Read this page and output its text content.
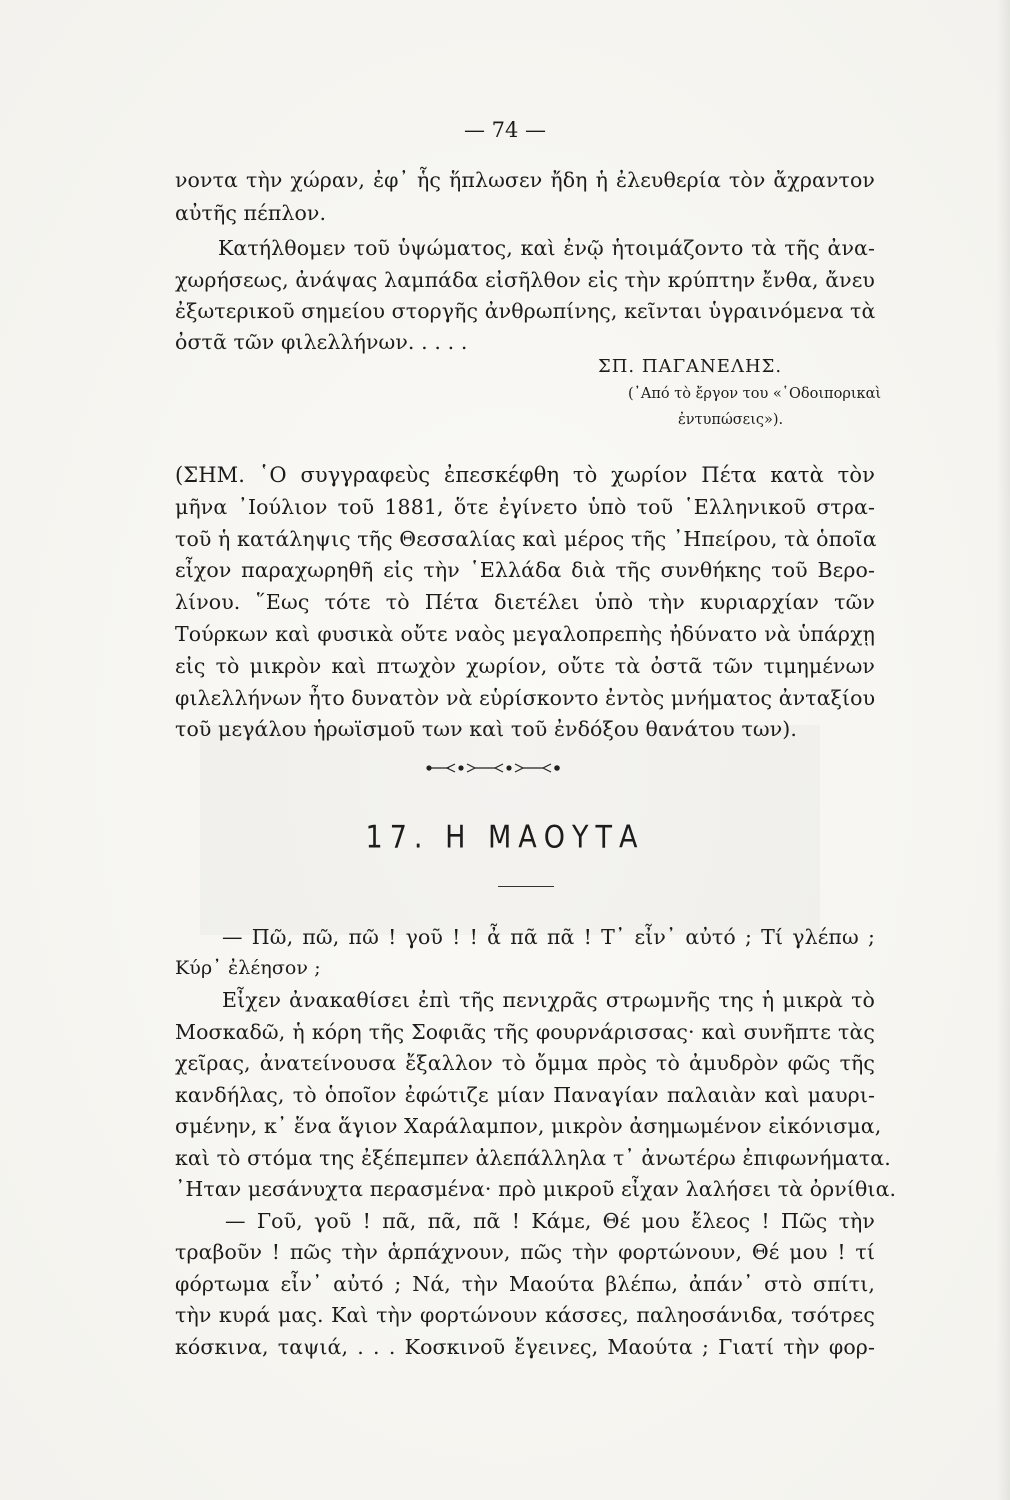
— 74 —
νοντα τὴν χώραν, ἐφ᾽ ἧς ἥπλωσεν ἤδη ἡ ἐλευθερία τὸν ἄχραντον
αὐτῆς πέπλον.
Κατήλθομεν τοῦ ὑψώματος, καὶ ἐνῷ ἡτοιμάζοντο τὰ τῆς ἀνα-
χωρήσεως, ἀνάψας λαμπάδα εἰσῆλθον εἰς τὴν κρύπτην ἔνθα, ἄνευ
ἐξωτερικοῦ σημείου στοργῆς ἀνθρωπίνης, κεῖνται ὑγραινόμενα τὰ
ὀστᾶ τῶν φιλελλήνων. . . . .
ΣΠ. ΠΑΓΑΝΕΛΗΣ.
(᾽Από τὸ ἔργον του «῾Οδοιπορικαὶ
ἐντυπώσεις»).
(ΣΗΜ. ῾Ο συγγραφεὺς ἐπεσκέφθη τὸ χωρίον Πέτα κατὰ τὸν
μῆνα ᾽Ιούλιον τοῦ 1881, ὅτε ἐγίνετο ὑπὸ τοῦ ῾Ελληνικοῦ στρα-
τοῦ ἡ κατάληψις τῆς Θεσσαλίας καὶ μέρος τῆς ᾽Ηπείρου, τὰ ὁποῖα
εἶχον παραχωρηθῆ εἰς τὴν ῾Ελλάδα διὰ τῆς συνθήκης τοῦ Βερο-
λίνου. ῞Εως τότε τὸ Πέτα διετέλει ὑπὸ τὴν κυριαρχίαν τῶν
Τούρκων καὶ φυσικὰ οὔτε ναὸς μεγαλοπρεπὴς ἠδύνατο νὰ ὑπάρχῃ
εἰς τὸ μικρὸν καὶ πτωχὸν χωρίον, οὔτε τὰ ὀστᾶ τῶν τιμημένων
φιλελλήνων ἦτο δυνατὸν νὰ εὑρίσκοντο ἐντὸς μνήματος ἀνταξίου
τοῦ μεγάλου ἡρωϊσμοῦ των καὶ τοῦ ἐνδόξου θανάτου των).
17. Η ΜΑΟΥΤΑ
— Πῶ, πῶ, πῶ ! γοῦ ! ! ἆ πᾶ πᾶ ! Τ᾽ εἶν᾽ αὐτό ; Τί γλέπω ;
Κύρ᾽ ἐλέησον ;
Εἶχεν ἀνακαθίσει ἐπὶ τῆς πενιχρᾶς στρωμνῆς της ἡ μικρὰ τὸ
Μοσκαδῶ, ἡ κόρη τῆς Σοφιᾶς τῆς φουρνάρισσας· καὶ συνῆπτε τὰς
χεῖρας, ἀνατείνουσα ἔξαλλον τὸ ὄμμα πρὸς τὸ ἀμυδρὸν φῶς τῆς
κανδήλας, τὸ ὁποῖον ἐφώτιζε μίαν Παναγίαν παλαιὰν καὶ μαυρι-
σμένην, κ᾽ ἕνα ἅγιον Χαράλαμπον, μικρὸν ἀσημωμένον εἰκόνισμα,
καὶ τὸ στόμα της ἐξέπεμπεν ἀλεπάλληλα τ᾽ ἀνωτέρω ἐπιφωνήματα.
᾽Ηταν μεσάνυχτα περασμένα· πρὸ μικροῦ εἶχαν λαλήσει τὰ ὀρνίθια.
— Γοῦ, γοῦ ! πᾶ, πᾶ, πᾶ ! Κάμε, Θέ μου ἔλεος ! Πῶς τὴν
τραβοῦν ! πῶς τὴν ἁρπάχνουν, πῶς τὴν φορτώνουν, Θέ μου ! τί
φόρτωμα εἶν᾽ αὐτό ; Νά, τὴν Μαούτα βλέπω, ἀπάν᾽ στὸ σπίτι,
τὴν κυρά μας. Καὶ τὴν φορτώνουν κάσσες, παληοσάνιδα, τσότρες
κόσκινα, ταψιά, . . . Κοσκινοῦ ἔγεινες, Μαούτα ; Γιατί τὴν φορ-
